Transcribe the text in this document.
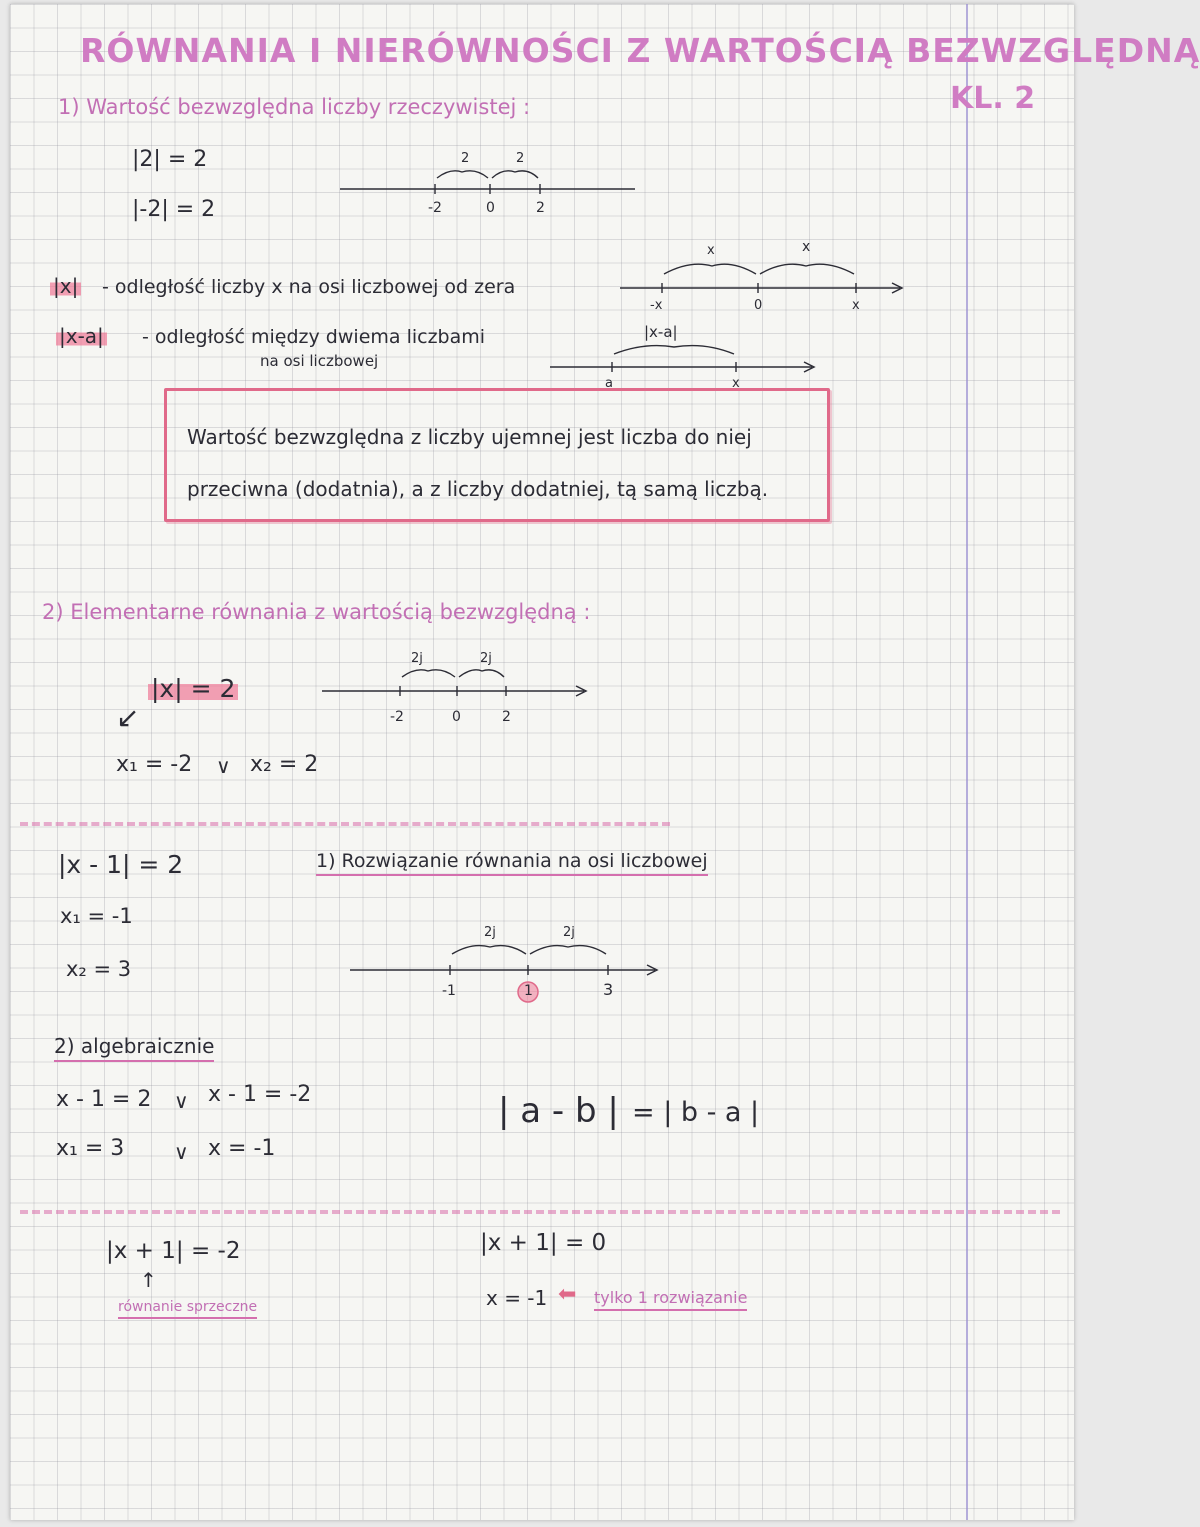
RÓWNANIA I NIERÓWNOŚCI Z WARTOŚCIĄ BEZWZGLĘDNĄ
KL. 2
1) Wartość bezwzględna liczby rzeczywistej :
|2| = 2
|-2| = 2
2	2
-2	0	2
|x| - odległość liczby x na osi liczbowej od zera
|x-a| - odległość między dwiema liczbami
na osi liczbowej
x	x
-x	0	x
|x-a|
a	x
Wartość bezwzględna z liczby ujemnej jest liczba do niej
przeciwna (dodatnia), a z liczby dodatniej, tą samą liczbą.
2) Elementarne równania z wartością bezwzględną :
|x| = 2
↙
x₁ = -2 ∨ x₂ = 2
2j	2j
-2	0	2
|x - 1| = 2
x₁ = -1
x₂ = 3
1) Rozwiązanie równania na osi liczbowej
2j	2j
-1	1	3
2) algebraicznie
x - 1 = 2 ∨ x - 1 = -2
x₁ = 3 ∨ x = -1
| a - b | = | b - a |
|x + 1| = -2
↑
równanie sprzeczne
|x + 1| = 0
x = -1 ⬅ tylko 1 rozwiązanie
